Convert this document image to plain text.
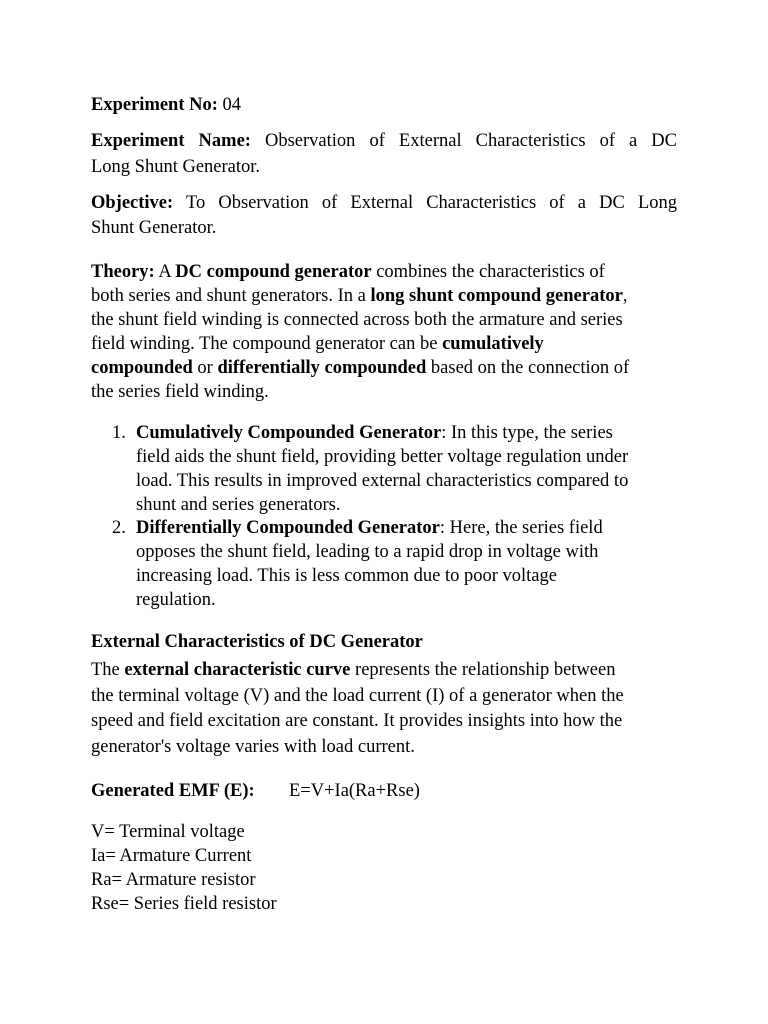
Experiment No: 04
Experiment Name: Observation of External Characteristics of a DC
Long Shunt Generator.
Objective: To Observation of External Characteristics of a DC Long
Shunt Generator.
Theory: A DC compound generator combines the characteristics of
both series and shunt generators. In a long shunt compound generator,
the shunt field winding is connected across both the armature and series
field winding. The compound generator can be cumulatively
compounded or differentially compounded based on the connection of
the series field winding.
1. Cumulatively Compounded Generator: In this type, the series
field aids the shunt field, providing better voltage regulation under
load. This results in improved external characteristics compared to
shunt and series generators.
2. Differentially Compounded Generator: Here, the series field
opposes the shunt field, leading to a rapid drop in voltage with
increasing load. This is less common due to poor voltage
regulation.
External Characteristics of DC Generator
The external characteristic curve represents the relationship between
the terminal voltage (V) and the load current (I) of a generator when the
speed and field excitation are constant. It provides insights into how the
generator's voltage varies with load current.
Generated EMF (E):	E=V+Ia(Ra+Rse)
V= Terminal voltage
Ia= Armature Current
Ra= Armature resistor
Rse= Series field resistor
